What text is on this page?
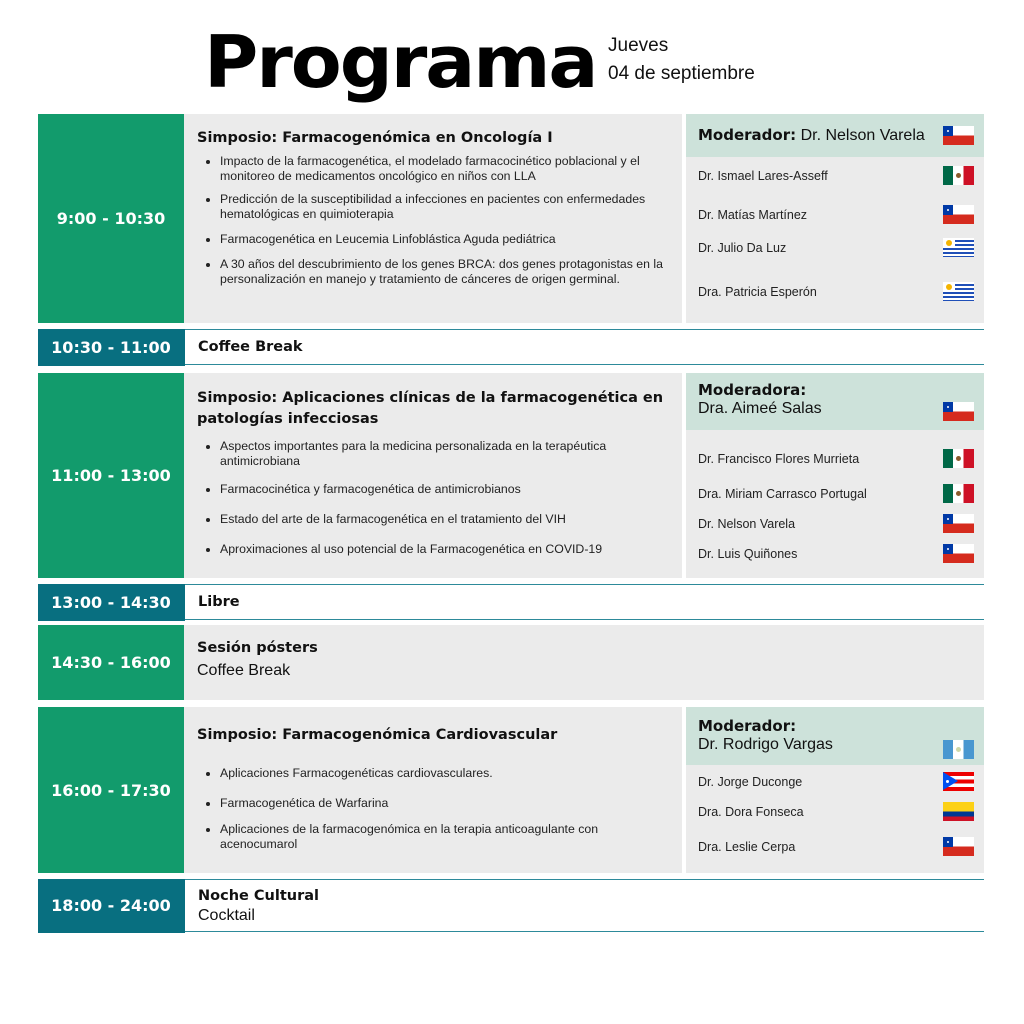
Programa Jueves
04 de septiembre
9:00 - 10:30
Simposio: Farmacogenómica en Oncología I
Impacto de la farmacogenética, el modelado farmacocinético poblacional y el monitoreo de medicamentos oncológico en niños con LLA
Predicción de la susceptibilidad a infecciones en pacientes con enfermedades hematológicas en quimioterapia
Farmacogenética en Leucemia Linfoblástica Aguda pediátrica
A 30 años del descubrimiento de los genes BRCA: dos genes protagonistas en la personalización en manejo y tratamiento de cánceres de origen germinal.
Moderador: Dr. Nelson Varela
Dr. Ismael Lares-Asseff
Dr. Matías Martínez
Dr. Julio Da Luz
Dra. Patricia Esperón
10:30 - 11:00	Coffee Break
11:00 - 13:00
Simposio: Aplicaciones clínicas de la farmacogenética en patologías infecciosas
Aspectos importantes para la medicina personalizada en la terapéutica antimicrobiana
Farmacocinética y farmacogenética de antimicrobianos
Estado del arte de la farmacogenética en el tratamiento del VIH
Aproximaciones al uso potencial de la Farmacogenética en COVID-19
Moderadora:
Dra. Aimeé Salas
Dr. Francisco Flores Murrieta
Dra. Miriam Carrasco Portugal
Dr. Nelson Varela
Dr. Luis Quiñones
13:00 - 14:30	Libre
14:30 - 16:00
Sesión pósters
Coffee Break
16:00 - 17:30
Simposio: Farmacogenómica Cardiovascular
Aplicaciones Farmacogenéticas cardiovasculares.
Farmacogenética de Warfarina
Aplicaciones de la farmacogenómica en la terapia anticoagulante con acenocumarol
Moderador:
Dr. Rodrigo Vargas
Dr. Jorge Duconge
Dra. Dora Fonseca
Dra. Leslie Cerpa
18:00 - 24:00
Noche Cultural
Cocktail
